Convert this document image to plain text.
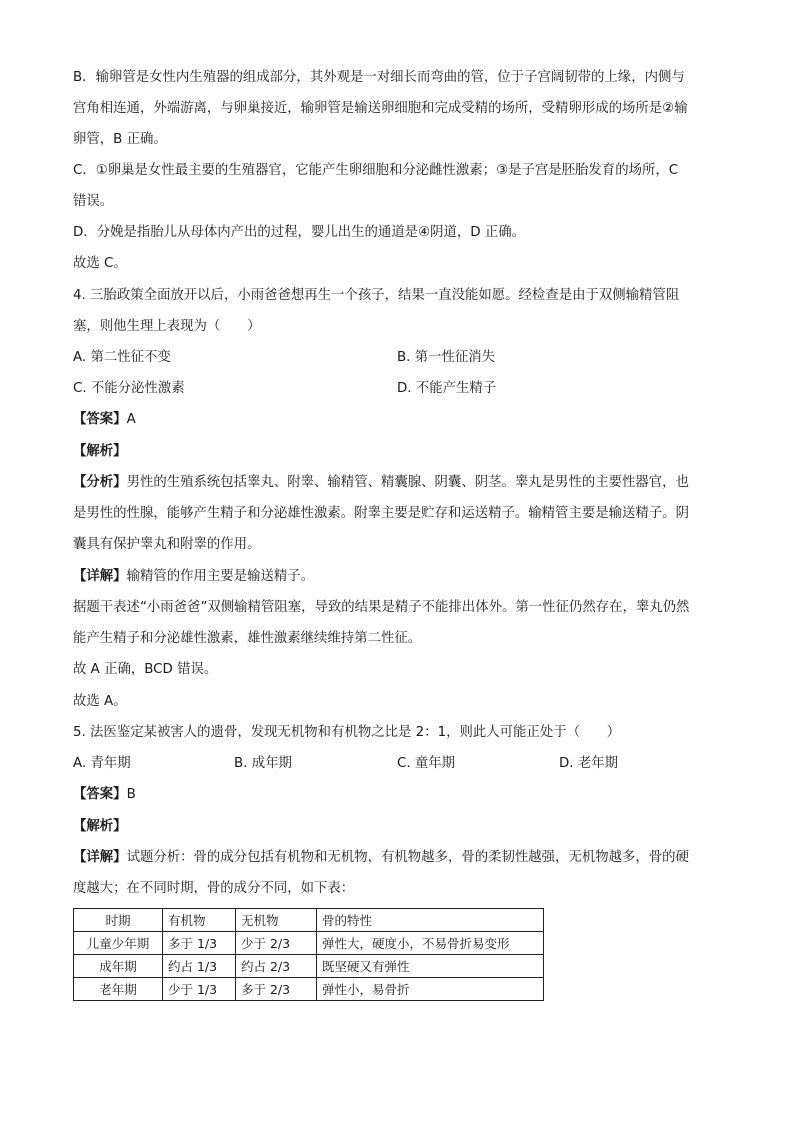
B．输卵管是女性内生殖器的组成部分，其外观是一对细长而弯曲的管，位于子宫阔韧带的上缘，内侧与
宫角相连通，外端游离，与卵巢接近，输卵管是输送卵细胞和完成受精的场所，受精卵形成的场所是②输
卵管，B 正确。
C．①卵巢是女性最主要的生殖器官，它能产生卵细胞和分泌雌性激素；③是子宫是胚胎发育的场所，C
错误。
D．分娩是指胎儿从母体内产出的过程，婴儿出生的通道是④阴道，D 正确。
故选 C。
4. 三胎政策全面放开以后，小雨爸爸想再生一个孩子，结果一直没能如愿。经检查是由于双侧输精管阻
塞，则他生理上表现为（　　）
A. 第二性征不变	B. 第一性征消失
C. 不能分泌性激素	D. 不能产生精子
【答案】A
【解析】
【分析】男性的生殖系统包括睾丸、附睾、输精管、精囊腺、阴囊、阴茎。睾丸是男性的主要性器官，也
是男性的性腺，能够产生精子和分泌雄性激素。附睾主要是贮存和运送精子。输精管主要是输送精子。阴
囊具有保护睾丸和附睾的作用。
【详解】输精管的作用主要是输送精子。
据题干表述“小雨爸爸”双侧输精管阻塞，导致的结果是精子不能排出体外。第一性征仍然存在，睾丸仍然
能产生精子和分泌雄性激素，雄性激素继续维持第二性征。
故 A 正确，BCD 错误。
故选 A。
5. 法医鉴定某被害人的遗骨，发现无机物和有机物之比是 2：1，则此人可能正处于（　　）
A. 青年期	B. 成年期	C. 童年期	D. 老年期
【答案】B
【解析】
【详解】试题分析：骨的成分包括有机物和无机物，有机物越多，骨的柔韧性越强，无机物越多，骨的硬
度越大；在不同时期，骨的成分不同，如下表：
时期	有机物	无机物	骨的特性
儿童少年期	多于 1/3	少于 2/3	弹性大，硬度小，不易骨折易变形
成年期	约占 1/3	约占 2/3	既坚硬又有弹性
老年期	少于 1/3	多于 2/3	弹性小，易骨折
